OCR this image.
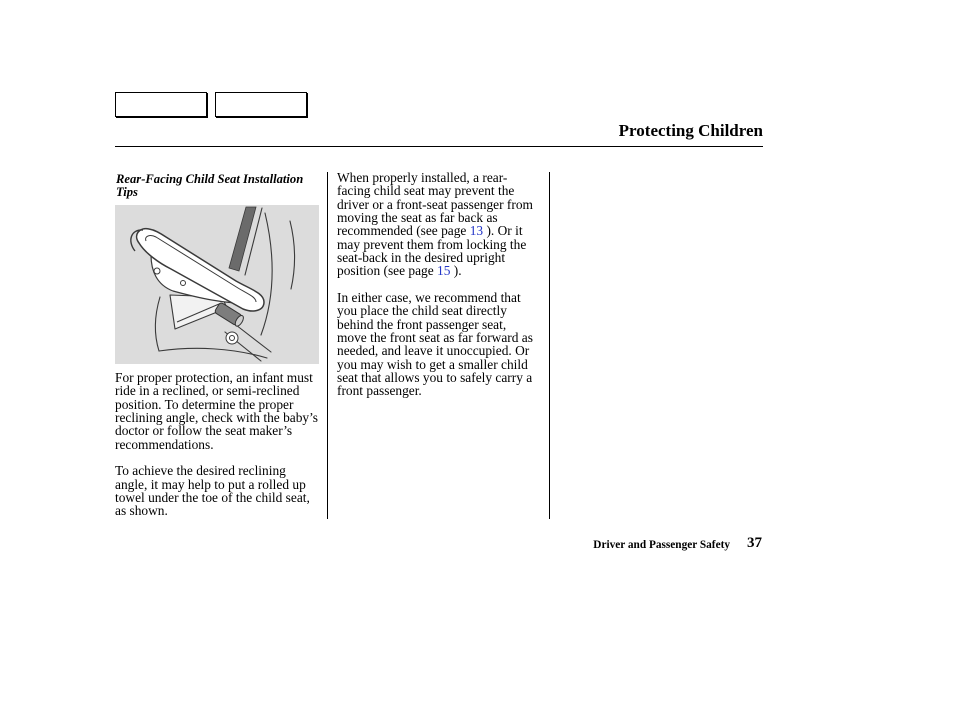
Protecting Children
Rear-Facing Child Seat Installation
Tips
For proper protection, an infant must
ride in a reclined, or semi-reclined
position. To determine the proper
reclining angle, check with the baby’s
doctor or follow the seat maker’s
recommendations.
To achieve the desired reclining
angle, it may help to put a rolled up
towel under the toe of the child seat,
as shown.
When properly installed, a rear-
facing child seat may prevent the
driver or a front-seat passenger from
moving the seat as far back as
recommended (see page 13 ). Or it
may prevent them from locking the
seat-back in the desired upright
position (see page 15 ).
In either case, we recommend that
you place the child seat directly
behind the front passenger seat,
move the front seat as far forward as
needed, and leave it unoccupied. Or
you may wish to get a smaller child
seat that allows you to safely carry a
front passenger.
Driver and Passenger Safety 37
